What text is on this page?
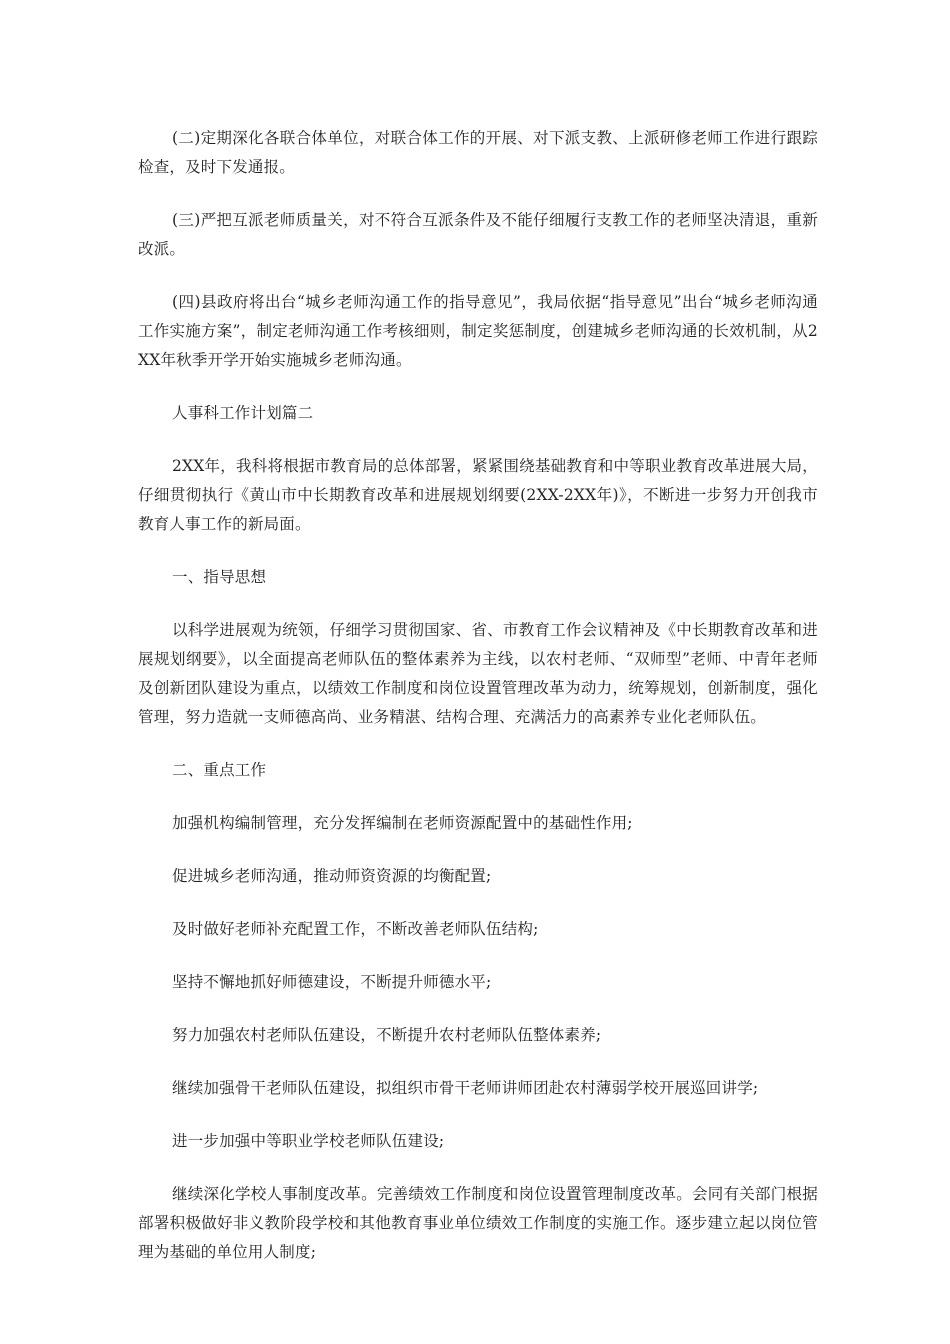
(二)定期深化各联合体单位，对联合体工作的开展、对下派支教、上派研修老师工作进行跟踪检查，及时下发通报。

(三)严把互派老师质量关，对不符合互派条件及不能仔细履行支教工作的老师坚决清退，重新改派。

(四)县政府将出台“城乡老师沟通工作的指导意见”，我局依据“指导意见”出台“城乡老师沟通工作实施方案”，制定老师沟通工作考核细则，制定奖惩制度，创建城乡老师沟通的长效机制，从2XX年秋季开学开始实施城乡老师沟通。

人事科工作计划篇二

2XX年，我科将根据市教育局的总体部署，紧紧围绕基础教育和中等职业教育改革进展大局，仔细贯彻执行《黄山市中长期教育改革和进展规划纲要(2XX-2XX年)》，不断进一步努力开创我市教育人事工作的新局面。

一、指导思想

以科学进展观为统领，仔细学习贯彻国家、省、市教育工作会议精神及《中长期教育改革和进展规划纲要》，以全面提高老师队伍的整体素养为主线，以农村老师、“双师型”老师、中青年老师及创新团队建设为重点，以绩效工作制度和岗位设置管理改革为动力，统筹规划，创新制度，强化管理，努力造就一支师德高尚、业务精湛、结构合理、充满活力的高素养专业化老师队伍。

二、重点工作

加强机构编制管理，充分发挥编制在老师资源配置中的基础性作用;

促进城乡老师沟通，推动师资资源的均衡配置;

及时做好老师补充配置工作，不断改善老师队伍结构;

坚持不懈地抓好师德建设，不断提升师德水平;

努力加强农村老师队伍建设，不断提升农村老师队伍整体素养;

继续加强骨干老师队伍建设，拟组织市骨干老师讲师团赴农村薄弱学校开展巡回讲学;

进一步加强中等职业学校老师队伍建设;

继续深化学校人事制度改革。完善绩效工作制度和岗位设置管理制度改革。会同有关部门根据部署积极做好非义教阶段学校和其他教育事业单位绩效工作制度的实施工作。逐步建立起以岗位管理为基础的单位用人制度;
